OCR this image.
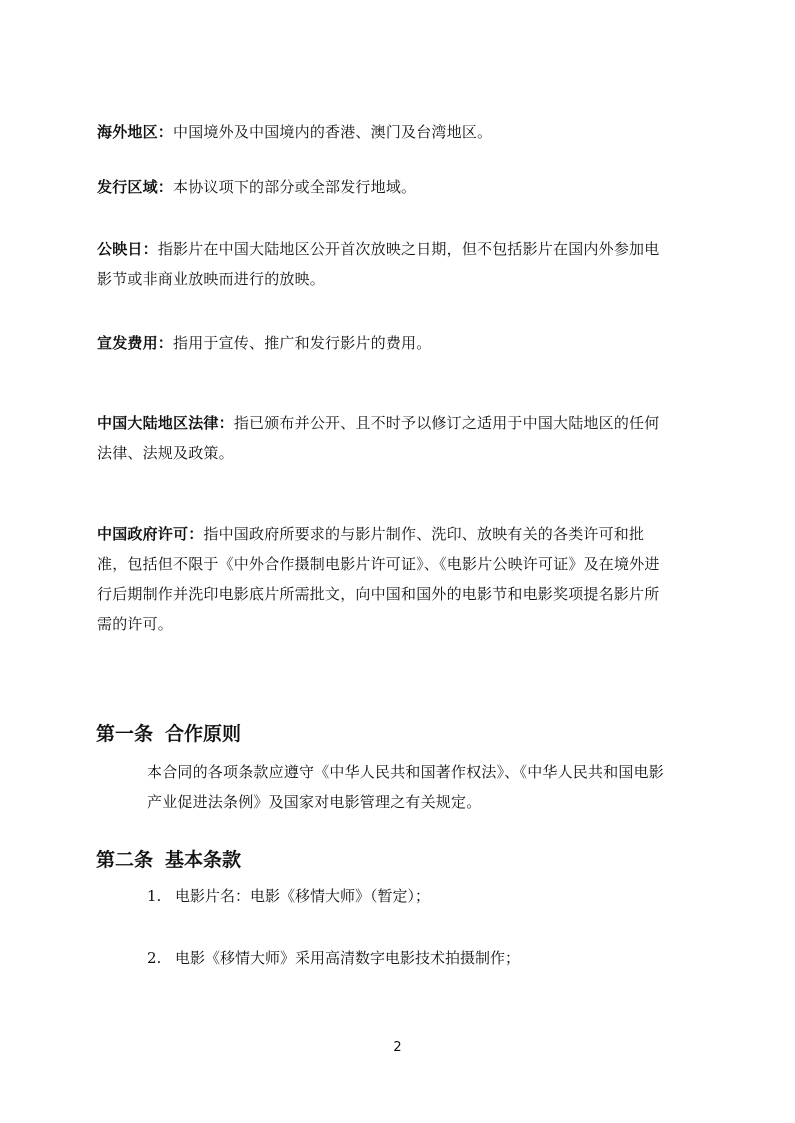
海外地区：中国境外及中国境内的香港、澳门及台湾地区。
发行区域：本协议项下的部分或全部发行地域。
公映日：指影片在中国大陆地区公开首次放映之日期，但不包括影片在国内外参加电影节或非商业放映而进行的放映。
宣发费用：指用于宣传、推广和发行影片的费用。
中国大陆地区法律：指已颁布并公开、且不时予以修订之适用于中国大陆地区的任何法律、法规及政策。
中国政府许可：指中国政府所要求的与影片制作、洗印、放映有关的各类许可和批准，包括但不限于《中外合作摄制电影片许可证》、《电影片公映许可证》及在境外进行后期制作并洗印电影底片所需批文，向中国和国外的电影节和电影奖项提名影片所需的许可。
第一条 合作原则
本合同的各项条款应遵守《中华人民共和国著作权法》、《中华人民共和国电影产业促进法条例》及国家对电影管理之有关规定。
第二条 基本条款
1. 电影片名：电影《移情大师》（暂定）；
2. 电影《移情大师》采用高清数字电影技术拍摄制作；
2
